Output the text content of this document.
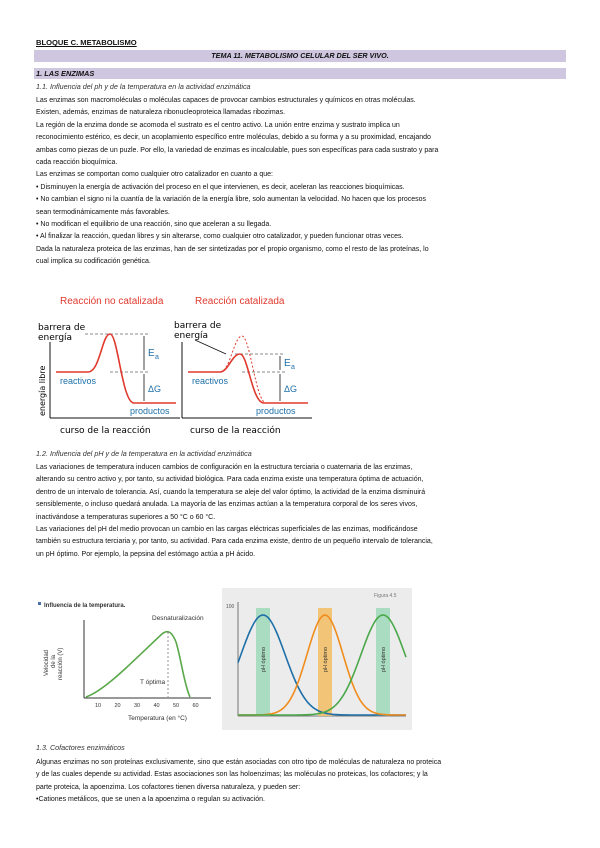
BLOQUE C. METABOLISMO
TEMA 11. METABOLISMO CELULAR DEL SER VIVO.
1. LAS ENZIMAS
1.1. Influencia del ph y de la temperatura en la actividad enzimática

Las enzimas son macromoléculas o moléculas capaces de provocar cambios estructurales y químicos en otras moléculas.

Existen, además, enzimas de naturaleza ribonucleoproteica llamadas ribozimas.

La región de la enzima donde se acomoda el sustrato es el centro activo. La unión entre enzima y sustrato implica un

reconocimiento estérico, es decir, un acoplamiento específico entre moléculas, debido a su forma y a su proximidad, encajando

ambas como piezas de un puzle. Por ello, la variedad de enzimas es incalculable, pues son específicas para cada sustrato y para

cada reacción bioquímica.

Las enzimas se comportan como cualquier otro catalizador en cuanto a que:

• Disminuyen la energía de activación del proceso en el que intervienen, es decir, aceleran las reacciones bioquímicas.

• No cambian el signo ni la cuantía de la variación de la energía libre, solo aumentan la velocidad. No hacen que los procesos

sean termodinámicamente más favorables.

• No modifican el equilibrio de una reacción, sino que aceleran a su llegada.

• Al finalizar la reacción, quedan libres y sin alterarse, como cualquier otro catalizador, y pueden funcionar otras veces.

Dada la naturaleza proteica de las enzimas, han de ser sintetizadas por el propio organismo, como el resto de las proteínas, lo

cual implica su codificación genética.

Reacción no catalizada	Reacción catalizada
barrera de
energía
energía libre
E a
ΔG
reactivos
productos
curso de la reacción
barrera de
energía
E a
ΔG
reactivos
productos
curso de la reacción
1.2. Influencia del pH y de la temperatura en la actividad enzimática

Las variaciones de temperatura inducen cambios de configuración en la estructura terciaria o cuaternaria de las enzimas,

alterando su centro activo y, por tanto, su actividad biológica. Para cada enzima existe una temperatura óptima de actuación,

dentro de un intervalo de tolerancia. Así, cuando la temperatura se aleje del valor óptimo, la actividad de la enzima disminuirá

sensiblemente, o incluso quedará anulada. La mayoría de las enzimas actúan a la temperatura corporal de los seres vivos,

inactivándose a temperaturas superiores a 50 °C o 60 °C.

Las variaciones del pH del medio provocan un cambio en las cargas eléctricas superficiales de las enzimas, modificándose

también su estructura terciaria y, por tanto, su actividad. Para cada enzima existe, dentro de un pequeño intervalo de tolerancia,

un pH óptimo. Por ejemplo, la pepsina del estómago actúa a pH ácido.

Influencia de la temperatura.
Velocidad de la reacción (V)
10 20 30 40 50 60
Desnaturalización
T óptima
Temperatura (en °C)
Figura 4.5
100
pH óptimo	pH óptimo	pH óptimo
1.3. Cofactores enzimáticos

Algunas enzimas no son proteínas exclusivamente, sino que están asociadas con otro tipo de moléculas de naturaleza no proteica

y de las cuales depende su actividad. Estas asociaciones son las holoenzimas; las moléculas no proteicas, los cofactores; y la

parte proteica, la apoenzima. Los cofactores tienen diversa naturaleza, y pueden ser:

•Cationes metálicos, que se unen a la apoenzima o regulan su activación.
